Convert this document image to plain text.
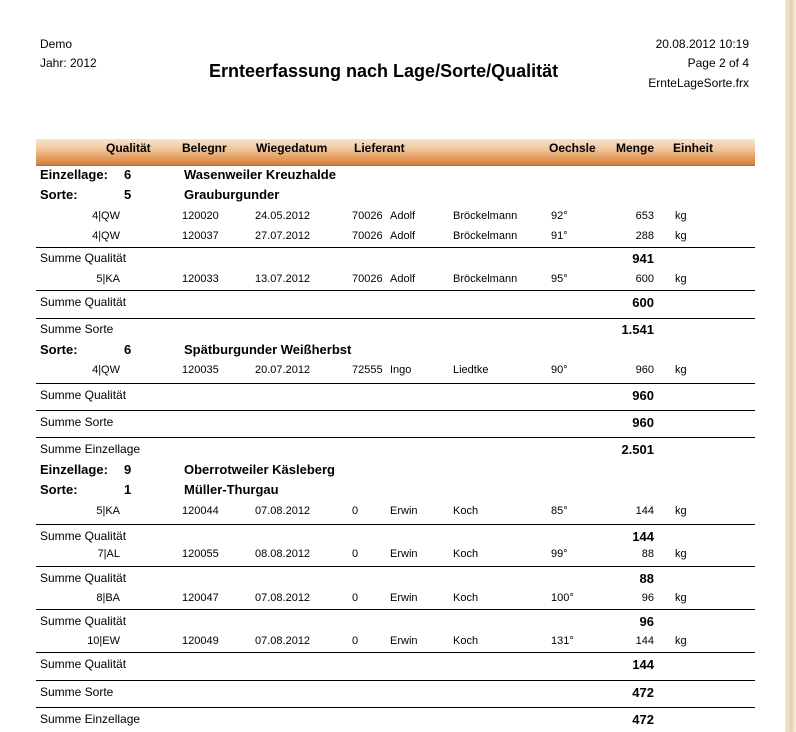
Demo
Jahr: 2012	Ernteerfassung nach Lage/Sorte/Qualität
20.08.2012 10:19
Page 2 of 4
ErnteLageSorte.frx
Qualität	Belegnr Wiegedatum Lieferant	Oechsle Menge Einheit
Einzellage: 6	Wasenweiler Kreuzhalde
Sorte:	5	Grauburgunder
4|QW	120020	24.05.2012	70026 Adolf	Bröckelmann	92°	653 kg
4|QW	120037	27.07.2012	70026 Adolf	Bröckelmann	91°	288 kg
Summe Qualität	941
5|KA	120033	13.07.2012	70026 Adolf	Bröckelmann	95°	600 kg
Summe Qualität	600
Summe Sorte	1.541
Sorte:	6	Spätburgunder Weißherbst
4|QW	120035	20.07.2012	72555 Ingo	Liedtke	90°	960 kg
Summe Qualität	960
Summe Sorte	960
Summe Einzellage	2.501
Einzellage: 9	Oberrotweiler Käsleberg
Sorte:	1	Müller-Thurgau
5|KA	120044	07.08.2012	0	Erwin	Koch	85°	144 kg
Summe Qualität	144
7|AL	120055	08.08.2012	0	Erwin	Koch	99°	88 kg
Summe Qualität	88
8|BA	120047	07.08.2012	0	Erwin	Koch	100°	96 kg
Summe Qualität	96
10|EW	120049	07.08.2012	0	Erwin	Koch	131°	144 kg
Summe Qualität	144
Summe Sorte	472
Summe Einzellage	472
